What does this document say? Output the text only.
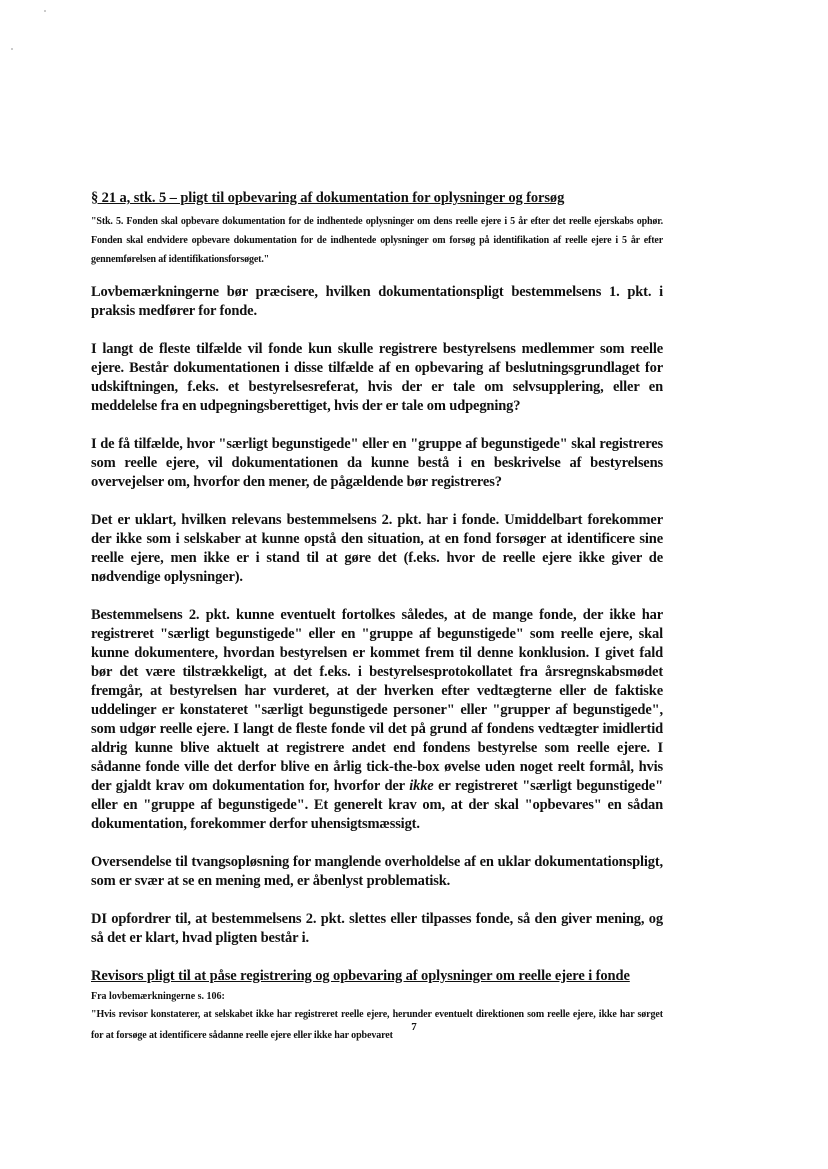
§ 21 a, stk. 5 – pligt til opbevaring af dokumentation for oplysninger og forsøg

"Stk. 5. Fonden skal opbevare dokumentation for de indhentede oplysninger om dens reelle ejere i 5 år efter det reelle ejerskabs ophør. Fonden skal endvidere opbevare dokumentation for de indhentede oplysninger om forsøg på identifikation af reelle ejere i 5 år efter gennemførelsen af identifikationsforsøget."

Lovbemærkningerne bør præcisere, hvilken dokumentationspligt bestemmelsens 1. pkt. i praksis medfører for fonde.

I langt de fleste tilfælde vil fonde kun skulle registrere bestyrelsens medlemmer som reelle ejere. Består dokumentationen i disse tilfælde af en opbevaring af beslutningsgrundlaget for udskiftningen, f.eks. et bestyrelsesreferat, hvis der er tale om selvsupplering, eller en meddelelse fra en udpegningsberettiget, hvis der er tale om udpegning?

I de få tilfælde, hvor "særligt begunstigede" eller en "gruppe af begunstigede" skal registreres som reelle ejere, vil dokumentationen da kunne bestå i en beskrivelse af bestyrelsens overvejelser om, hvorfor den mener, de pågældende bør registreres?

Det er uklart, hvilken relevans bestemmelsens 2. pkt. har i fonde. Umiddelbart forekommer der ikke som i selskaber at kunne opstå den situation, at en fond forsøger at identificere sine reelle ejere, men ikke er i stand til at gøre det (f.eks. hvor de reelle ejere ikke giver de nødvendige oplysninger).

Bestemmelsens 2. pkt. kunne eventuelt fortolkes således, at de mange fonde, der ikke har registreret "særligt begunstigede" eller en "gruppe af begunstigede" som reelle ejere, skal kunne dokumentere, hvordan bestyrelsen er kommet frem til denne konklusion. I givet fald bør det være tilstrækkeligt, at det f.eks. i bestyrelsesprotokollatet fra årsregnskabsmødet fremgår, at bestyrelsen har vurderet, at der hverken efter vedtægterne eller de faktiske uddelinger er konstateret "særligt begunstigede personer" eller "grupper af begunstigede", som udgør reelle ejere. I langt de fleste fonde vil det på grund af fondens vedtægter imidlertid aldrig kunne blive aktuelt at registrere andet end fondens bestyrelse som reelle ejere. I sådanne fonde ville det derfor blive en årlig tick-the-box øvelse uden noget reelt formål, hvis der gjaldt krav om dokumentation for, hvorfor der ikke er registreret "særligt begunstigede" eller en "gruppe af begunstigede". Et generelt krav om, at der skal "opbevares" en sådan dokumentation, forekommer derfor uhensigtsmæssigt.

Oversendelse til tvangsopløsning for manglende overholdelse af en uklar dokumentationspligt, som er svær at se en mening med, er åbenlyst problematisk.

DI opfordrer til, at bestemmelsens 2. pkt. slettes eller tilpasses fonde, så den giver mening, og så det er klart, hvad pligten består i.

Revisors pligt til at påse registrering og opbevaring af oplysninger om reelle ejere i fonde

Fra lovbemærkningerne s. 106:

"Hvis revisor konstaterer, at selskabet ikke har registreret reelle ejere, herunder eventuelt direktionen som reelle ejere, ikke har sørget for at forsøge at identificere sådanne reelle ejere eller ikke har opbevaret

7
